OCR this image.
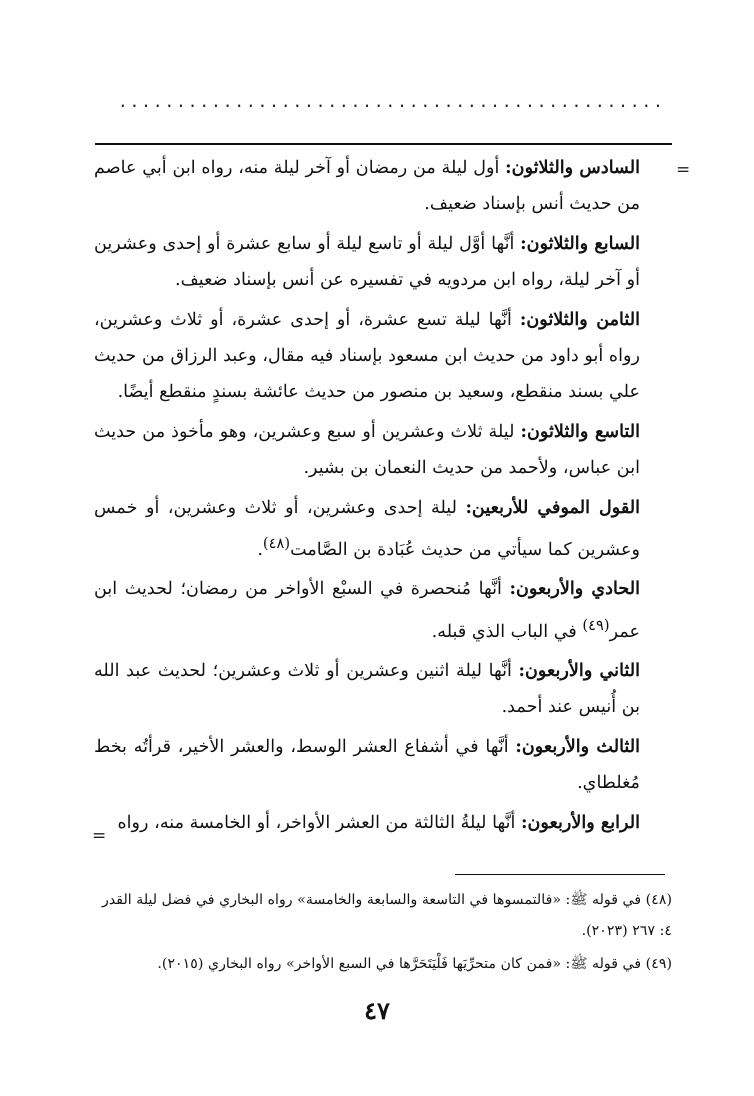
...............................................
=

السادس والثلاثون: أول ليلة من رمضان أو آخر ليلة منه، رواه ابن أبي عاصم من حديث أنس بإسناد ضعيف.

السابع والثلاثون: أنَّها أوَّل ليلة أو تاسع ليلة أو سابع عشرة أو إحدى وعشرين أو آخر ليلة، رواه ابن مردويه في تفسيره عن أنس بإسناد ضعيف.

الثامن والثلاثون: أنَّها ليلة تسع عشرة، أو إحدى عشرة، أو ثلاث وعشرين، رواه أبو داود من حديث ابن مسعود بإسناد فيه مقال، وعبد الرزاق من حديث علي بسند منقطع، وسعيد بن منصور من حديث عائشة بسندٍ منقطع أيضًا.

التاسع والثلاثون: ليلة ثلاث وعشرين أو سبع وعشرين، وهو مأخوذ من حديث ابن عباس، ولأحمد من حديث النعمان بن بشير.

القول الموفي للأربعين: ليلة إحدى وعشرين، أو ثلاث وعشرين، أو خمس وعشرين كما سيأتي من حديث عُبَادة بن الصَّامت$^{(٤٨)}$.

الحادي والأربعون: أنَّها مُنحصرة في السبْع الأواخر من رمضان؛ لحديث ابن عمر$^{(٤٩)}$ في الباب الذي قبله.

الثاني والأربعون: أنَّها ليلة اثنين وعشرين أو ثلاث وعشرين؛ لحديث عبد الله بن أُنيس عند أحمد.

الثالث والأربعون: أنَّها في أشفاع العشر الوسط، والعشر الأخير، قرأتُه بخط مُغلطاي.

الرابع والأربعون: أنَّها ليلةُ الثالثة من العشر الأواخر، أو الخامسة منه، رواه

=

(٤٨) في قوله ﷺ: «فالتمسوها في التاسعة والسابعة والخامسة» رواه البخاري في فضل ليلة القدر ٤: ٢٦٧ (٢٠٢٣).

(٤٩) في قوله ﷺ: «فمن كان متحرِّيَها فَلْيَتَحَرَّها في السبع الأواخر» رواه البخاري (٢٠١٥).

٤٧
